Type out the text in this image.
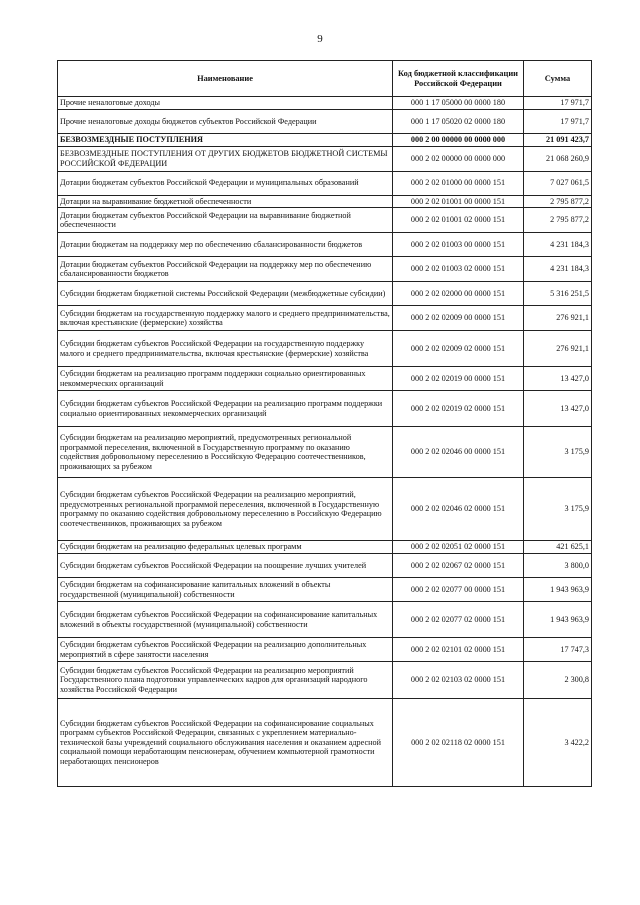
9
Наименование	Код бюджетной классификации Российской Федерации	Сумма
Прочие неналоговые доходы	000 1 17 05000 00 0000 180	17 971,7
Прочие неналоговые доходы бюджетов субъектов Российской Федерации	000 1 17 05020 02 0000 180	17 971,7
БЕЗВОЗМЕЗДНЫЕ ПОСТУПЛЕНИЯ	000 2 00 00000 00 0000 000	21 091 423,7
БЕЗВОЗМЕЗДНЫЕ ПОСТУПЛЕНИЯ ОТ ДРУГИХ БЮДЖЕТОВ БЮДЖЕТНОЙ СИСТЕМЫ РОССИЙСКОЙ ФЕДЕРАЦИИ	000 2 02 00000 00 0000 000	21 068 260,9
Дотации бюджетам субъектов Российской Федерации и муниципальных образований	000 2 02 01000 00 0000 151	7 027 061,5
Дотации на выравнивание бюджетной обеспеченности	000 2 02 01001 00 0000 151	2 795 877,2
Дотации бюджетам субъектов Российской Федерации на выравнивание бюджетной обеспеченности	000 2 02 01001 02 0000 151	2 795 877,2
Дотации бюджетам на поддержку мер по обеспечению сбалансированности бюджетов	000 2 02 01003 00 0000 151	4 231 184,3
Дотации бюджетам субъектов Российской Федерации на поддержку мер по обеспечению сбалансированности бюджетов	000 2 02 01003 02 0000 151	4 231 184,3
Субсидии бюджетам бюджетной системы Российской Федерации (межбюджетные субсидии)	000 2 02 02000 00 0000 151	5 316 251,5
Субсидии бюджетам на государственную поддержку малого и среднего предпринимательства, включая крестьянские (фермерские) хозяйства	000 2 02 02009 00 0000 151	276 921,1
Субсидии бюджетам субъектов Российской Федерации на государственную поддержку малого и среднего предпринимательства, включая крестьянские (фермерские) хозяйства	000 2 02 02009 02 0000 151	276 921,1
Субсидии бюджетам на реализацию программ поддержки социально ориентированных некоммерческих организаций	000 2 02 02019 00 0000 151	13 427,0
Субсидии бюджетам субъектов Российской Федерации на реализацию программ поддержки социально ориентированных некоммерческих организаций	000 2 02 02019 02 0000 151	13 427,0
Субсидии бюджетам на реализацию мероприятий, предусмотренных региональной программой переселения, включенной в Государственную программу по оказанию содействия добровольному переселению в Российскую Федерацию соотечественников, проживающих за рубежом	000 2 02 02046 00 0000 151	3 175,9
Субсидии бюджетам субъектов Российской Федерации на реализацию мероприятий, предусмотренных региональной программой переселения, включенной в Государственную программу по оказанию содействия добровольному переселению в Российскую Федерацию соотечественников, проживающих за рубежом	000 2 02 02046 02 0000 151	3 175,9
Субсидии бюджетам на реализацию федеральных целевых программ	000 2 02 02051 02 0000 151	421 625,1
Субсидии бюджетам субъектов Российской Федерации на поощрение лучших учителей	000 2 02 02067 02 0000 151	3 800,0
Субсидии бюджетам на софинансирование капитальных вложений в объекты государственной (муниципальной) собственности	000 2 02 02077 00 0000 151	1 943 963,9
Субсидии бюджетам субъектов Российской Федерации на софинансирование капитальных вложений в объекты государственной (муниципальной) собственности	000 2 02 02077 02 0000 151	1 943 963,9
Субсидии бюджетам субъектов Российской Федерации на реализацию дополнительных мероприятий в сфере занятости населения	000 2 02 02101 02 0000 151	17 747,3
Субсидии бюджетам субъектов Российской Федерации на реализацию мероприятий Государственного плана подготовки управленческих кадров для организаций народного хозяйства Российской Федерации	000 2 02 02103 02 0000 151	2 300,8
Субсидии бюджетам субъектов Российской Федерации на софинансирование социальных программ субъектов Российской Федерации, связанных с укреплением материально-технической базы учреждений социального обслуживания населения и оказанием адресной социальной помощи неработающим пенсионерам, обучением компьютерной грамотности неработающих пенсионеров	000 2 02 02118 02 0000 151	3 422,2
